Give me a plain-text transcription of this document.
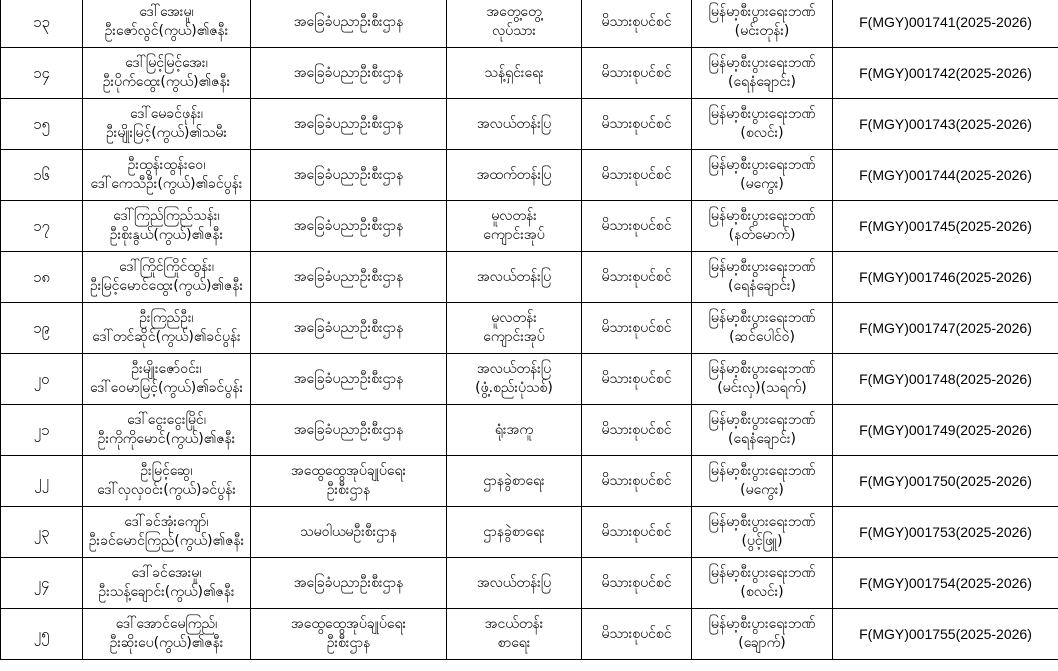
၁၃	ဒေါ်အေးမူ၊
ဦးဇော်လွင်(ကွယ်)၏ဇနီး	အခြေခံပညာဦးစီးဌာန	အတွေ့တွေ့
လုပ်သား	မိသားစုပင်စင်	မြန်မာ့စီးပွားရေးဘဏ်
(မင်းတုန်း)	F(MGY)001741(2025-2026)
၁၄	ဒေါ်မြင့်မြင့်အေး၊
ဦးပိုက်ထွေး(ကွယ်)၏ဇနီး	အခြေခံပညာဦးစီးဌာန	သန့်ရှင်းရေး	မိသားစုပင်စင်	မြန်မာ့စီးပွားရေးဘဏ်
(ရေနံချောင်း)	F(MGY)001742(2025-2026)
၁၅	ဒေါ်မေခင်ဖုန်း၊
ဦးမျိုးမြင့်(ကွယ်)၏သမီး	အခြေခံပညာဦးစီးဌာန	အလယ်တန်းပြ	မိသားစုပင်စင်	မြန်မာ့စီးပွားရေးဘဏ်
(စလင်း)	F(MGY)001743(2025-2026)
၁၆	ဦးထွန်းထွန်းဝေ၊
ဒေါ်ကေသီဦး(ကွယ်)၏ခင်ပွန်း	အခြေခံပညာဦးစီးဌာန	အထက်တန်းပြ	မိသားစုပင်စင်	မြန်မာ့စီးပွားရေးဘဏ်
(မကွေး)	F(MGY)001744(2025-2026)
၁၇	ဒေါ်ကြည်ကြည်သန်း၊
ဦးစိုးနွယ်(ကွယ်)၏ဇနီး	အခြေခံပညာဦးစီးဌာန	မူလတန်း
ကျောင်းအုပ်	မိသားစုပင်စင်	မြန်မာ့စီးပွားရေးဘဏ်
(နတ်မောက်)	F(MGY)001745(2025-2026)
၁၈	ဒေါ်ကြိုင်ကြိုင်ထွန်း၊
ဦးမြင့်မောင်ထွေး(ကွယ်)၏ဇနီး	အခြေခံပညာဦးစီးဌာန	အလယ်တန်းပြ	မိသားစုပင်စင်	မြန်မာ့စီးပွားရေးဘဏ်
(ရေနံချောင်း)	F(MGY)001746(2025-2026)
၁၉	ဦးကြည်ဦး၊
ဒေါ်တင်ဆိုင်(ကွယ်)၏ခင်ပွန်း	အခြေခံပညာဦးစီးဌာန	မူလတန်း
ကျောင်းအုပ်	မိသားစုပင်စင်	မြန်မာ့စီးပွားရေးဘဏ်
(ဆင်ပေါင်ဝဲ)	F(MGY)001747(2025-2026)
၂၀	ဦးမျိုးဇော်ဝင်း၊
ဒေါ်ဝေမာမြင့်(ကွယ်)၏ခင်ပွန်း	အခြေခံပညာဦးစီးဌာန	အလယ်တန်းပြ
(ဖွံ့.စည်းပုံသစ်)	မိသားစုပင်စင်	မြန်မာ့စီးပွားရေးဘဏ်
(မင်းလှ)(သရက်)	F(MGY)001748(2025-2026)
၂၁	ဒေါ်ငွေးငွေးမြိုင်၊
ဦးကိုကိုမောင်(ကွယ်)၏ဇနီး	အခြေခံပညာဦးစီးဌာန	ရုံးအကူ	မိသားစုပင်စင်	မြန်မာ့စီးပွားရေးဘဏ်
(ရေနံချောင်း)	F(MGY)001749(2025-2026)
၂၂	ဦးမြင့်ဆွေ၊
ဒေါ်လှလှဝင်း(ကွယ်)ခင်ပွန်း	အထွေထွေအုပ်ချုပ်ရေး
ဦးစီးဌာန	ဌာနခွဲစာရေး	မိသားစုပင်စင်	မြန်မာ့စီးပွားရေးဘဏ်
(မကွေး)	F(MGY)001750(2025-2026)
၂၃	ဒေါ်ခင်အုံးကျော်၊
ဦးခင်မောင်ကြည်(ကွယ်)၏ဇနီး	သမဝါယမဦးစီးဌာန	ဌာနခွဲစာရေး	မိသားစုပင်စင်	မြန်မာ့စီးပွားရေးဘဏ်
(ပွင့်ဖြူ)	F(MGY)001753(2025-2026)
၂၄	ဒေါ်ခင်အေးမူ၊
ဦးသန့်ချောင်း(ကွယ်)၏ဇနီး	အခြေခံပညာဦးစီးဌာန	အလယ်တန်းပြ	မိသားစုပင်စင်	မြန်မာ့စီးပွားရေးဘဏ်
(စလင်း)	F(MGY)001754(2025-2026)
၂၅	ဒေါ်အောင်မေကြည်၊
ဦးဆိုးပေ(ကွယ်)၏ဇနီး	အထွေထွေအုပ်ချုပ်ရေး
ဦးစီးဌာန	အငယ်တန်း
စာရေး	မိသားစုပင်စင်	မြန်မာ့စီးပွားရေးဘဏ်
(ချောက်)	F(MGY)001755(2025-2026)
